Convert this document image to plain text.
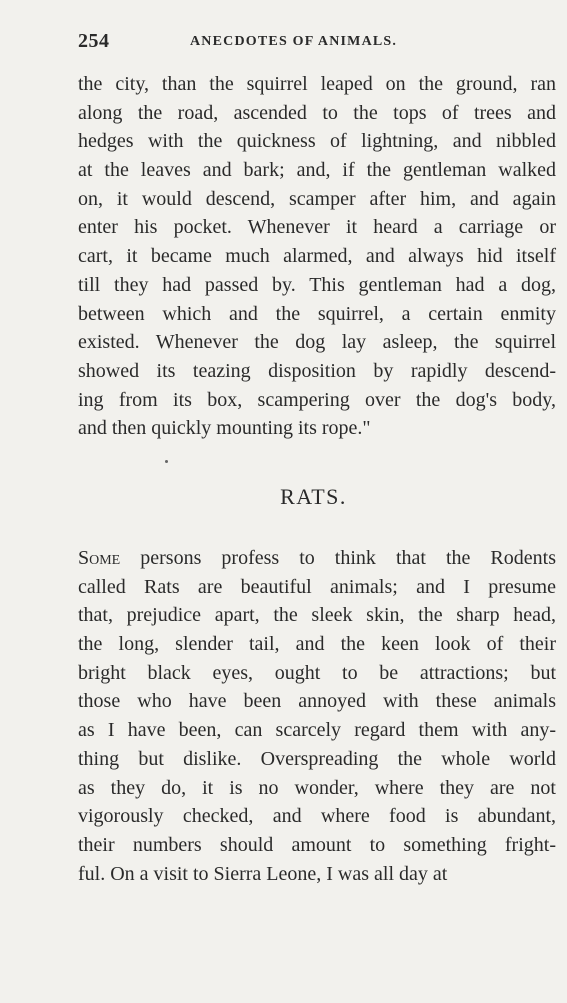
254	ANECDOTES OF ANIMALS.
the city, than the squirrel leaped on the ground, ran
along the road, ascended to the tops of trees and
hedges with the quickness of lightning, and nibbled
at the leaves and bark; and, if the gentleman walked
on, it would descend, scamper after him, and again
enter his pocket. Whenever it heard a carriage or
cart, it became much alarmed, and always hid itself
till they had passed by. This gentleman had a dog,
between which and the squirrel, a certain enmity
existed. Whenever the dog lay asleep, the squirrel
showed its teazing disposition by rapidly descend-
ing from its box, scampering over the dog's body,
and then quickly mounting its rope."
RATS.
Some persons profess to think that the Rodents
called Rats are beautiful animals; and I presume
that, prejudice apart, the sleek skin, the sharp head,
the long, slender tail, and the keen look of their
bright black eyes, ought to be attractions; but
those who have been annoyed with these animals
as I have been, can scarcely regard them with any-
thing but dislike. Overspreading the whole world
as they do, it is no wonder, where they are not
vigorously checked, and where food is abundant,
their numbers should amount to something fright-
ful. On a visit to Sierra Leone, I was all day at
